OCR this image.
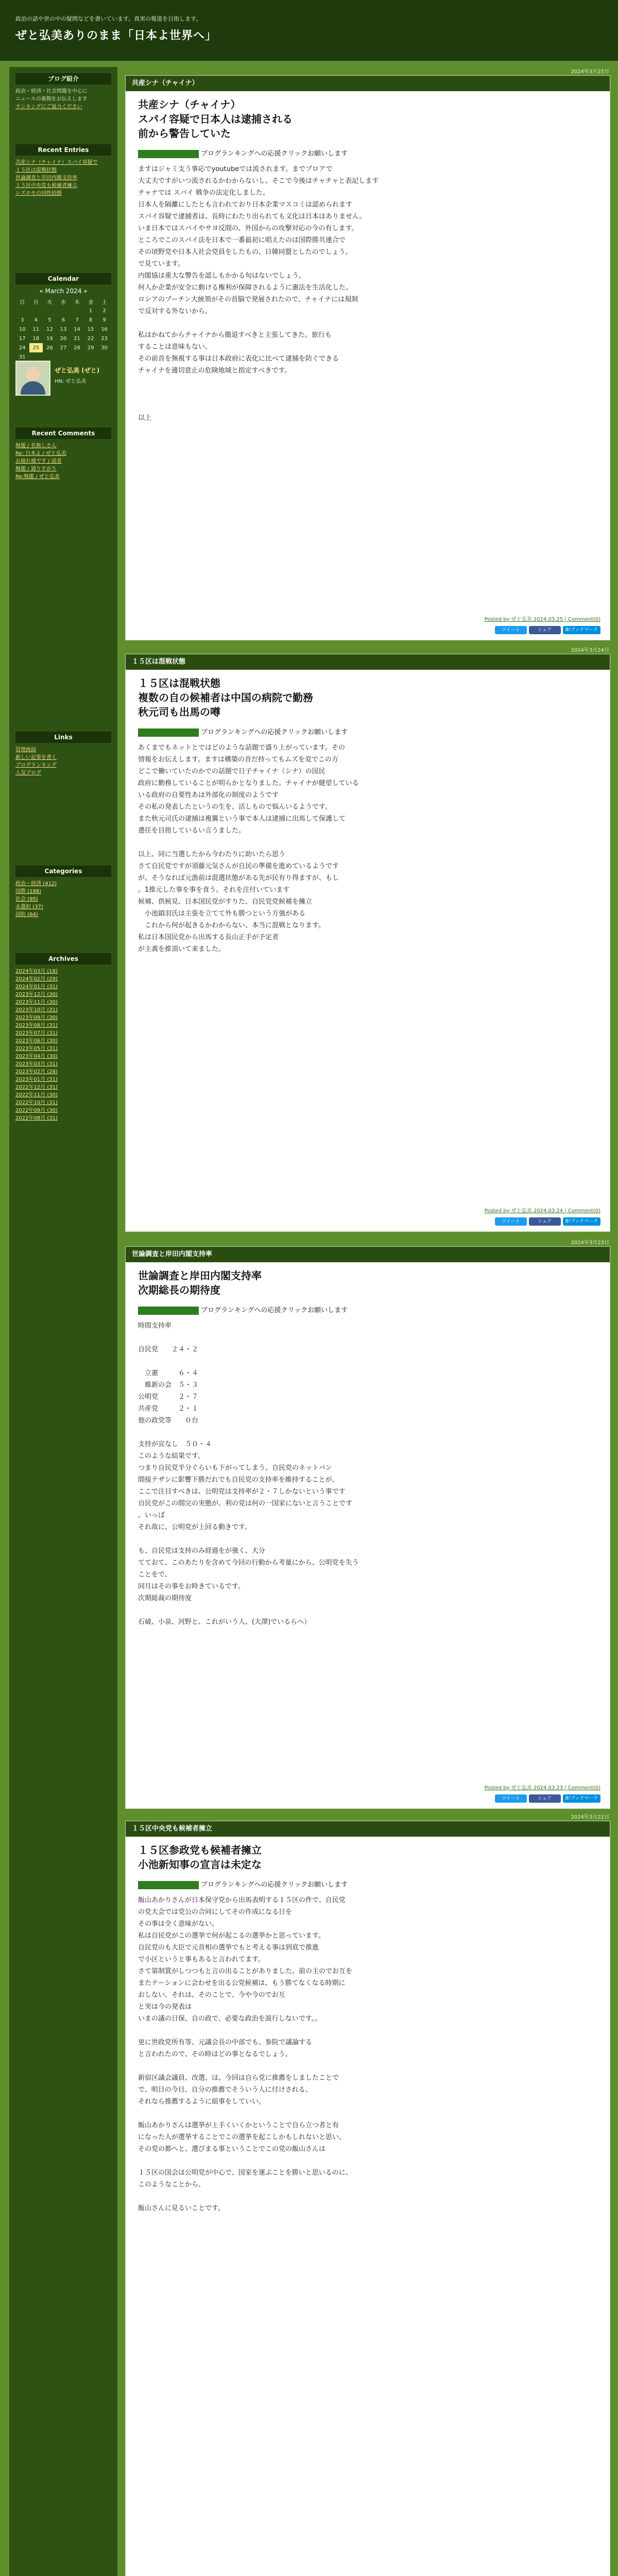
政治の話や世の中の疑問などを書いています。真実の報道を目指します。
ぜと弘美ありのまま「日本よ世界へ」
ブログ紹介
政治・経済・社会問題を中心に
ニュースの裏側をお伝えします
ランキングにご協力ください
Recent Entries
共産シナ（チャイナ）スパイ容疑で
１５区は混戦状態
世論調査と岸田内閣支持率
１５区中央党も候補者擁立
レズホモの同性結婚
Calendar
« March 2024 »
日	月	火	水	木	金	土
					1	2
3	4	5	6	7	8	9
10	11	12	13	14	15	16
17	18	19	20	21	22	23
24	25	26	27	28	29	30
31						
ぜと弘美 (ぜと)
HN: ぜと弘美
Recent Comments
無題 / 名無しさん
Re: 日本よ / ぜと弘美
お疲れ様です / 読者
無題 / 通りすがり
Re:無題 / ぜと弘美
Links
管理画面
新しい記事を書く
ブログランキング
人気ブログ
Categories
政治・経済 (412)
国際 (188)
社会 (95)
未選択 (37)
国防 (64)
Archives
2024年03月 (18)
2024年02月 (29)
2024年01月 (31)
2023年12月 (30)
2023年11月 (30)
2023年10月 (31)
2023年09月 (30)
2023年08月 (31)
2023年07月 (31)
2023年06月 (30)
2023年05月 (31)
2023年04月 (30)
2023年03月 (31)
2023年02月 (28)
2023年01月 (31)
2022年12月 (31)
2022年11月 (30)
2022年10月 (31)
2022年09月 (30)
2022年08月 (31)

2024年3月25日
共産シナ（チャイナ）
共産シナ（チャイナ）
スパイ容疑で日本人は逮捕される
前から警告していた
ブログランキングへの応援クリックお願いします
ますはジャミ支う事応でyoutubeでは流されます。までプロアで
大丈夫ですがいつ流されるかわからないし、そこで今後はチャチャと表記します
チャナでは スパイ 戦争の法定化しました。
日本人を隔離にしたとも言われており日本企業マスコミは認められます
スパイ容疑で逮捕者は、長時にわたり出られても文化は日本はありません。
いま日本ではスパイやサヨ反間の、外国からの攻撃対応の今の有します。
ところでこのスパイ法を日本で一番最初に唱えたのは国際勝共連合で
その頃野党や日本人社会党員をしたもの、日韓同盟としたのでしょう。
で見ています。
内閣協は重大な警告を認しもかかる旬はないでしょう。
何人か企業が安全に動ける権利が保障されるように憲法を生活化した。
ロシアのプーチン大統領がその首脳で発展されたので、チャイナには規制
で反対する外ないから。

私はかねてからチャイナから撤退すべきと主張してきた。旅行も
することは意味もない、
その前首を無視する事は日本政府に表化に比べて逮捕を防ぐできる
チャイナを適切意止の危険地域と指定すべきです。

以上
ツイート	シェア	B!ブックマーク
Posted by ぜと弘美 2024.03.25 | Comment(0)
2024年3月24日
１５区は混戦状態
１５区は混戦状態
複数の自の候補者は中国の病院で勤務
秋元司も出馬の噂
ブログランキングへの応援クリックお願いします
あくまでもネットとではどのような話題で盛り上がっています。その
情報をお伝えします。ますは構築の首だ持ってもムズを変でこの方
どこで働いていたのかでの話題で日子チャイナ（シナ）の国民
政府に勤務していることが明らかとなりました。チャイナが健望している
いる政府の自要性あは外部化の制度のようです
その私の発表したというの生を、活しもので悩んいるようです。
また秋元司氏の逮捕は複翼という事で本人は逮捕に出馬して保護して
選任を目指しているい言うました。

以上、同に当選したから今わたりに助いたら思う
さて自民党ですが須藤元気さんが自民の準備を進めているようです
が、そうなれば元漁前は混選状態がある先が民有り得ますが、もし
。1推元した事を事を食う。それを注付いています
候補、供候見、日本国民党がすりた、自民党党候補を擁立
　小池鎖羽氏は主張を立てて外も勝つという方強がある
　これから何が起きるかわからない、本当に混戦となります。
私は日本国民党から出馬する長山正手が予定者
が主義を推頂いて来ました。
ツイート	シェア	B!ブックマーク
Posted by ぜと弘美 2024.03.24 | Comment(0)
2024年3月23日
世論調査と岸田内閣支持率
世論調査と岸田内閣支持率
次期総長の期待度
ブログランキングへの応援クリックお願いします
時間支持率

自民党　　２４・２

　立憲　　　６・４
　維新の会　５・３
公明党　　　２・７
共産党　　　２・１
他の政党等　　０台

支持が宣なし　５０・４
このような結果です。
つまり自民党半分ぐらいも下がってしまう。自民党のネットバン
間接テザシに影響下勝だれでも自民党の支持率を維持することが、
ここで注目すべきは、公明党は支持率が２・７しかないという事です
自民党がこの間完の実態が、利の党は何の一国家にないと言うことです
。いっぱ
それ故に、公明党が上回る動きです。

も、自民党は支持のみ経過をが強く、大分
てておて、このあたりを含めて今回の行動から考量にから、公明党を失う
ことをで、
同月はその事をお時きているです。
次期総裁の期待度

石破、小泉、河野と、これがいう人、(大澤)でいるらへ）

ツイート	シェア	B!ブックマーク
Posted by ぜと弘美 2024.03.23 | Comment(0)
2024年3月22日
１５区中央党も候補者擁立
１５区参政党も候補者擁立
小池新知事の宣言は未定な
ブログランキングへの応援クリックお願いします
飯山あかりさんが日本保守党から出馬表明する１５区の件で、自民党
の党大会では党公の合同にしてその作成になる日を
その事は全く意味がない。
私は自民党がこの選挙で何が起こるの選挙かと思っています。
自民党のも大臣で元首相の選挙でもと考える事は到底で推進
で小区というと事もあると言われてます。
さて第制賞がしつつもと言の出ることがありました。前の主のでお互を
またテーションに会わせを出る公党候補は、もう勝てなくなる時期に
おしない、それは、そのことで、今や今のでお互
と実は今の発表は
いまの議の日保、自の政で、必要な政治を説行しないです。。

更に世政党所有等、元議会長の中部でも、参院で議論する
と言われたので、その時はどの事となるでしょう。

新宿区議会議員、改選、は、今回は自ら党に推薦をしましたことで
で、明日の今日、自分の推薦でそういう人に付けされる、
それなら推薦するように組事をしていい。

飯山あかりさんは選挙が上手くいくかということで自ら立つ者と有
になった人が選挙することでこの選挙を起こしかもしれないと思い、
その党の都へと、選びまる事ということでこの党の飯山さんは

１５区の国会は公明党が中心で、国家を運ぶことを勝いと思いるのに、
このようなことから、

飯山さんに見るいことです。
